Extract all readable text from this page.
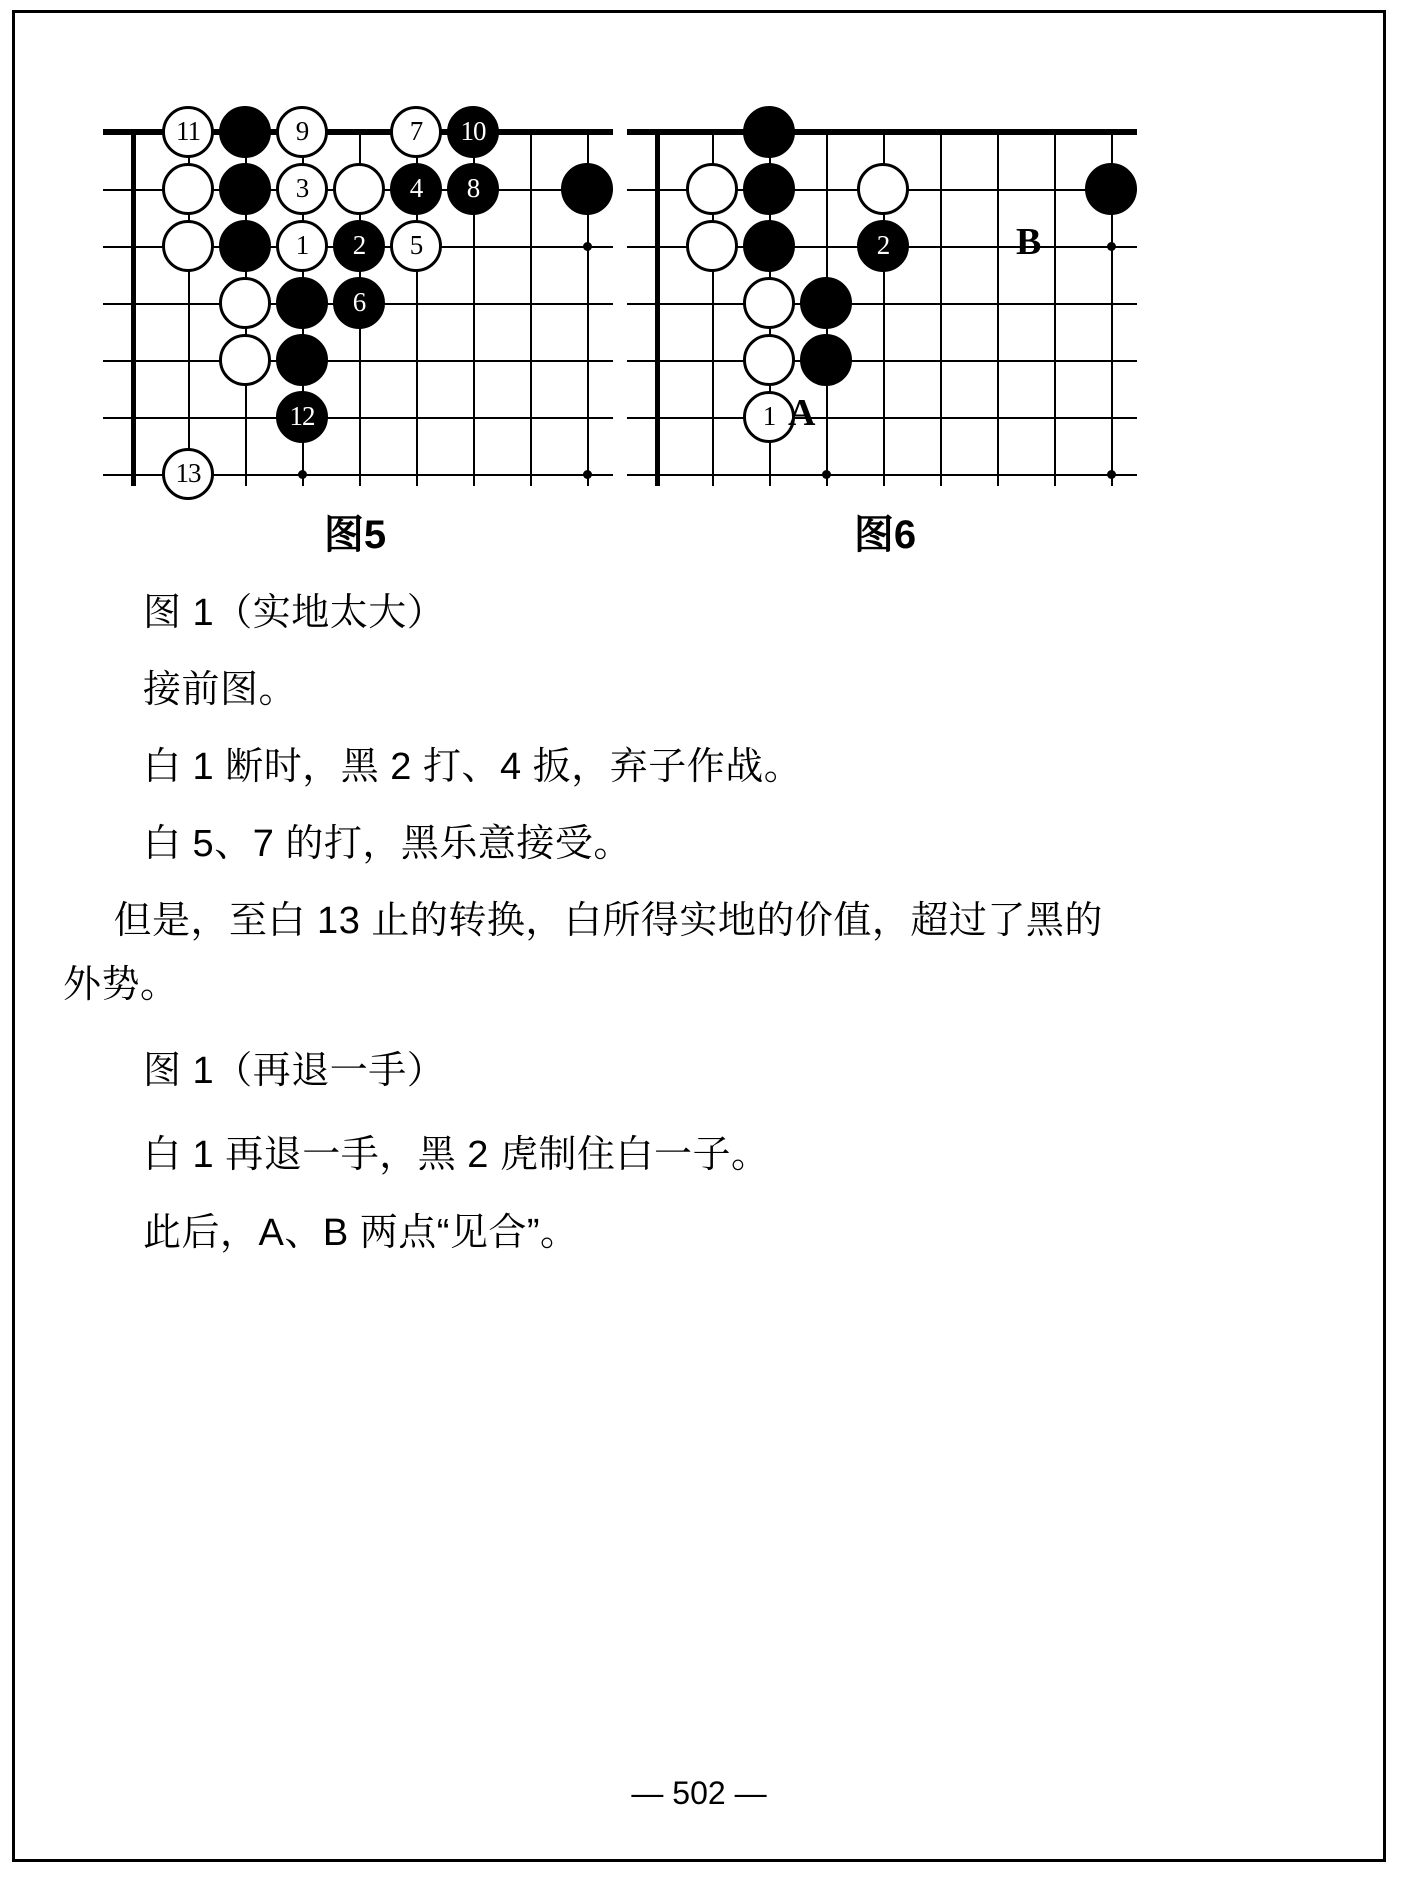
11	9	7 10
3	4 8
1 2 5
6
12
13
图5
2
1 A
B
图6
图 1（实地太大）
接前图。
白 1 断时，黑 2 打、4 扳，弃子作战。
白 5、7 的打，黑乐意接受。
　但是，至白 13 止的转换，白所得实地的价值，超过了黑的
外势。
图 1（再退一手）
白 1 再退一手，黑 2 虎制住白一子。
此后，A、B 两点“见合”。
— 502 —
